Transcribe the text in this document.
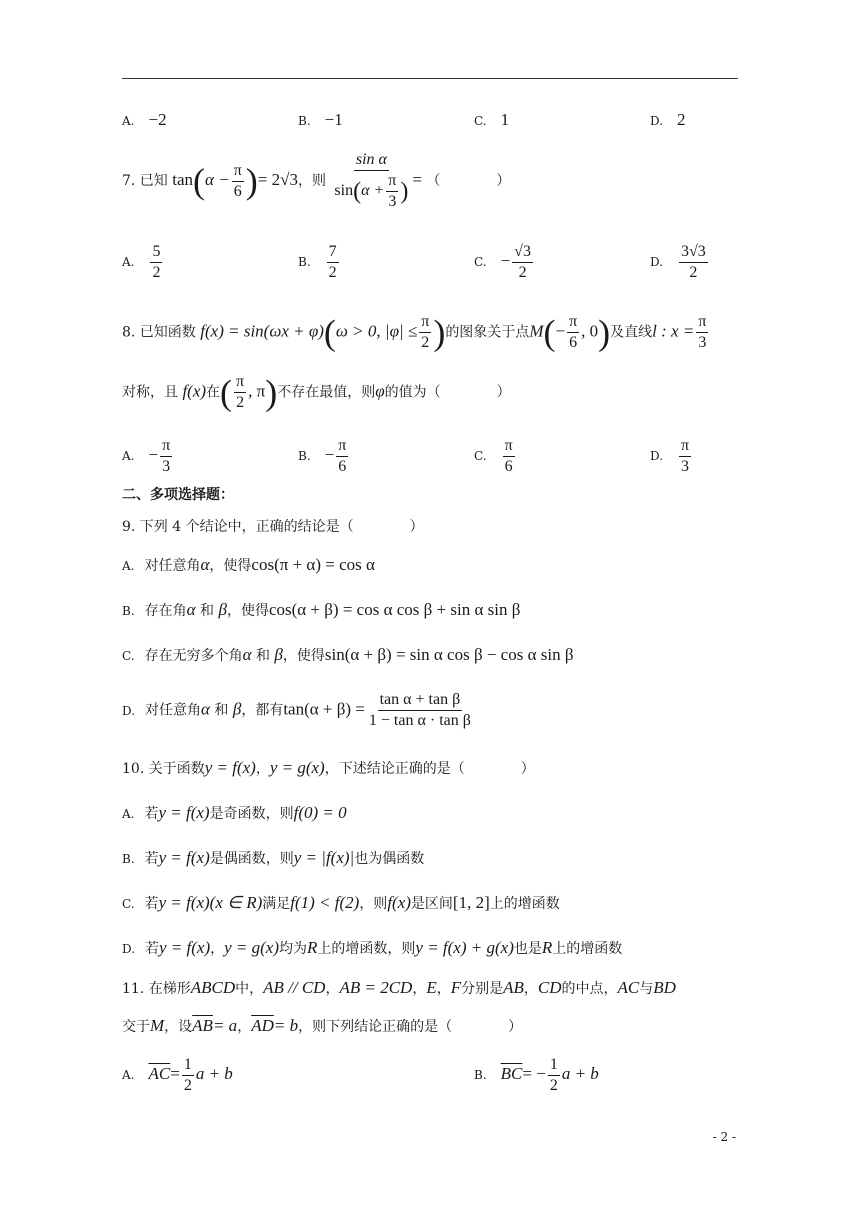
A. −2	B. −1	C. 1	D. 2
7. 已知 $\tan(\alpha - \frac{\pi}{6}$ )= 2√3，则 $\frac{\text{sin α}}{\sin(\alpha + \frac{\pi}{3} )}$ = （　　　　）
A. $\frac{5}{2}$	B. $\frac{7}{2}$	C. − $\frac{√3}{2}$	D. $\frac{3√3}{2}$
8. 已知函数 f(x) = sin(ωx + φ)(ω > 0, $|\varphi| \le \frac{\pi}{2}$ )的图象关于点$M(- \frac{\pi}{6}$ , 0)及直线l : $x = \frac{\pi}{3}$
对称，且 f(x)在( $\frac{\pi}{2}$ , π)不存在最值，则φ的值为（　　　　）
A. − $\frac{\pi}{3}$	B. − $\frac{\pi}{6}$	C. $\frac{\pi}{6}$	D. $\frac{\pi}{3}$
二、多项选择题：
9. 下列 4 个结论中，正确的结论是（　　　　）
A. 对任意角α，使得cos(π + α) = cos α
B. 存在角α 和 β，使得cos(α + β) = cos α cos β + sin α sin β
C. 存在无穷多个角α 和 β，使得sin(α + β) = sin α cos β − cos α sin β
D. 对任意角α 和 β，都有$\tan(\alpha + \beta) = \frac{\text{tan α + tan β}}{\text{1 − tan α · tan β}}$
10. 关于函数y = f(x)，y = g(x)，下述结论正确的是（　　　　）
A. 若y = f(x)是奇函数，则f(0) = 0
B. 若y = f(x)是偶函数，则y = |f(x)|也为偶函数
C. 若y = f(x)(x ∈ R)满足f(1) < f(2)，则f(x)是区间[1, 2]上的增函数
D. 若y = f(x)，y = g(x)均为R上的增函数，则y = f(x) + g(x)也是R上的增函数
11. 在梯形ABCD中，AB // CD，AB = 2CD，E，F分别是AB，CD的中点，AC与BD
交于M，设$\overline{AB}= a$，$\overline{AD}= b$，则下列结论正确的是（　　　　）
A. $\overline{AC}= \frac{1}{2}$ a + b	B. $\overline{BC}= - \frac{1}{2}$ a + b
- 2 -
